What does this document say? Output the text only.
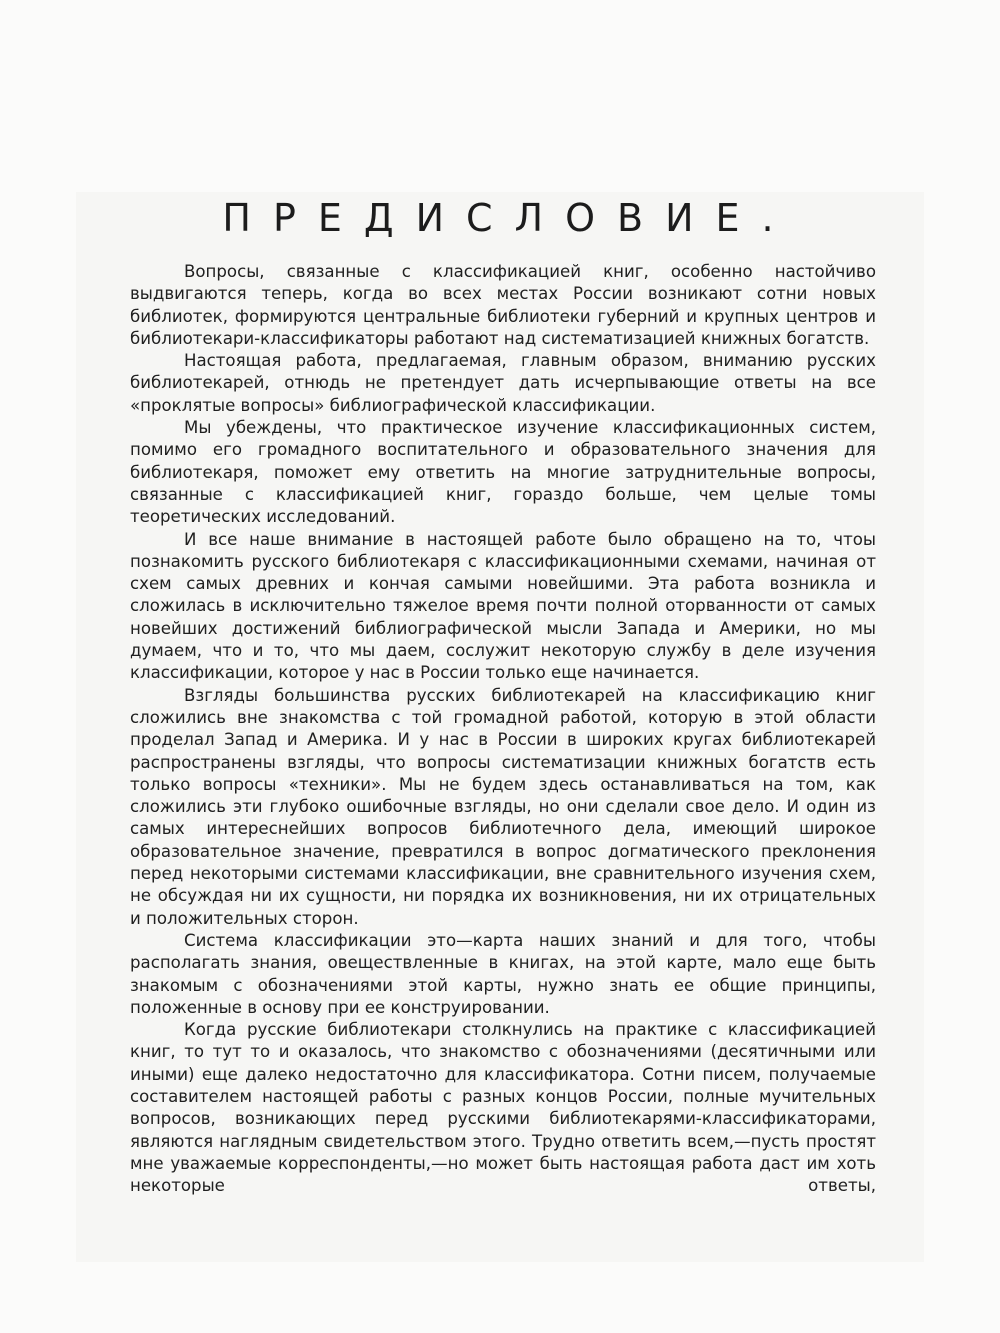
ПРЕДИСЛОВИЕ.

Вопросы, связанные с классификацией книг, особенно настойчиво выдвигаются теперь, когда во всех местах России возникают сотни новых библиотек, формируются центральные библиотеки губерний и крупных центров и библиотекари-классификаторы работают над систематизацией книжных богатств.

Настоящая работа, предлагаемая, главным образом, вниманию русских библиотекарей, отнюдь не претендует дать исчерпывающие ответы на все «проклятые вопросы» библиографической классификации.

Мы убеждены, что практическое изучение классификационных систем, помимо его громадного воспитательного и образовательного значения для библиотекаря, поможет ему ответить на многие затруднительные вопросы, связанные с классификацией книг, гораздо больше, чем целые томы теоретических исследований.

И все наше внимание в настоящей работе было обращено на то, чтоы познакомить русского библиотекаря с классификационными схемами, начиная от схем самых древних и кончая самыми новейшими. Эта работа возникла и сложилась в исключительно тяжелое время почти полной оторванности от самых новейших достижений библиографической мысли Запада и Америки, но мы думаем, что и то, что мы даем, сослужит некоторую службу в деле изучения классификации, которое у нас в России только еще начинается.

Взгляды большинства русских библиотекарей на классификацию книг сложились вне знакомства с той громадной работой, которую в этой области проделал Запад и Америка. И у нас в России в широких кругах библиотекарей распространены взгляды, что вопросы систематизации книжных богатств есть только вопросы «техники». Мы не будем здесь останавливаться на том, как сложились эти глубоко ошибочные взгляды, но они сделали свое дело. И один из самых интереснейших вопросов библиотечного дела, имеющий широкое образовательное значение, превратился в вопрос догматического преклонения перед некоторыми системами классификации, вне сравнительного изучения схем, не обсуждая ни их сущности, ни порядка их возникновения, ни их отрицательных и положительных сторон.

Система классификации это—карта наших знаний и для того, чтобы располагать знания, овеществленные в книгах, на этой карте, мало еще быть знакомым с обозначениями этой карты, нужно знать ее общие принципы, положенные в основу при ее конструировании.

Когда русские библиотекари столкнулись на практике с классификацией книг, то тут то и оказалось, что знакомство с обозначениями (десятичными или иными) еще далеко недостаточно для классификатора. Сотни писем, получаемые составителем настоящей работы с разных концов России, полные мучительных вопросов, возникающих перед русскими библиотекарями-классификаторами, являются наглядным свидетельством этого. Трудно ответить всем,—пусть простят мне уважаемые корреспонденты,—но может быть настоящая работа даст им хоть некоторые ответы,
